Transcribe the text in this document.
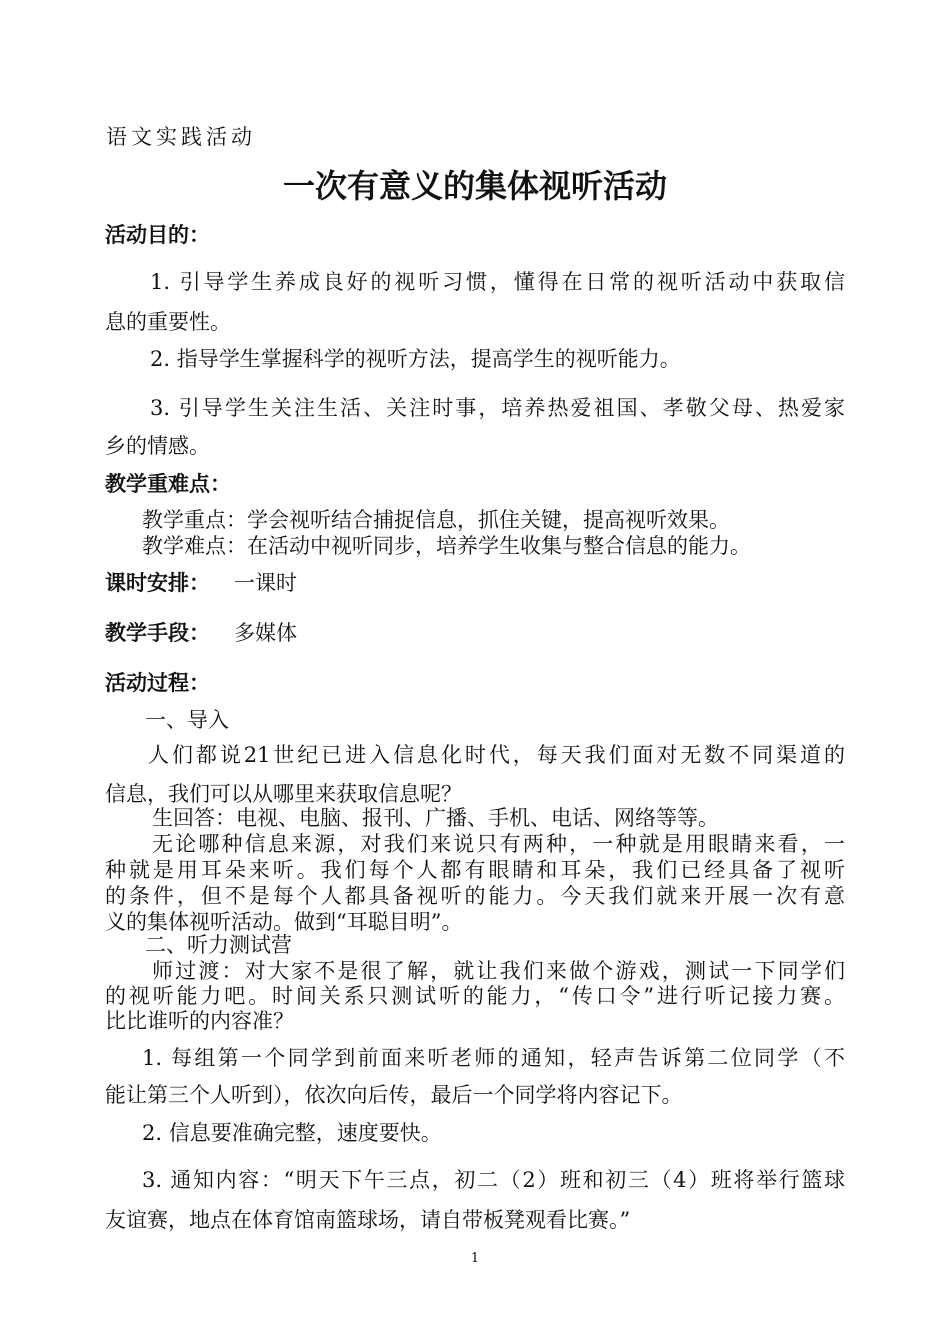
语文实践活动
一次有意义的集体视听活动
活动目的：
1. 引导学生养成良好的视听习惯，懂得在日常的视听活动中获取信
息的重要性。
2. 指导学生掌握科学的视听方法，提高学生的视听能力。
3. 引导学生关注生活、关注时事，培养热爱祖国、孝敬父母、热爱家
乡的情感。
教学重难点：
教学重点：学会视听结合捕捉信息，抓住关键，提高视听效果。
教学难点：在活动中视听同步，培养学生收集与整合信息的能力。
课时安排： 一课时
教学手段： 多媒体
活动过程：
一、导入
人们都说21世纪已进入信息化时代，每天我们面对无数不同渠道的
信息，我们可以从哪里来获取信息呢？
生回答：电视、电脑、报刊、广播、手机、电话、网络等等。
无论哪种信息来源，对我们来说只有两种，一种就是用眼睛来看，一
种就是用耳朵来听。我们每个人都有眼睛和耳朵，我们已经具备了视听
的条件，但不是每个人都具备视听的能力。今天我们就来开展一次有意
义的集体视听活动。做到“耳聪目明”。
二、听力测试营
师过渡：对大家不是很了解，就让我们来做个游戏，测试一下同学们
的视听能力吧。时间关系只测试听的能力，“传口令”进行听记接力赛。
比比谁听的内容准？
1. 每组第一个同学到前面来听老师的通知，轻声告诉第二位同学（不
能让第三个人听到），依次向后传，最后一个同学将内容记下。
2. 信息要准确完整，速度要快。
3. 通知内容：“明天下午三点，初二（2）班和初三（4）班将举行篮球
友谊赛，地点在体育馆南篮球场，请自带板凳观看比赛。”
1
